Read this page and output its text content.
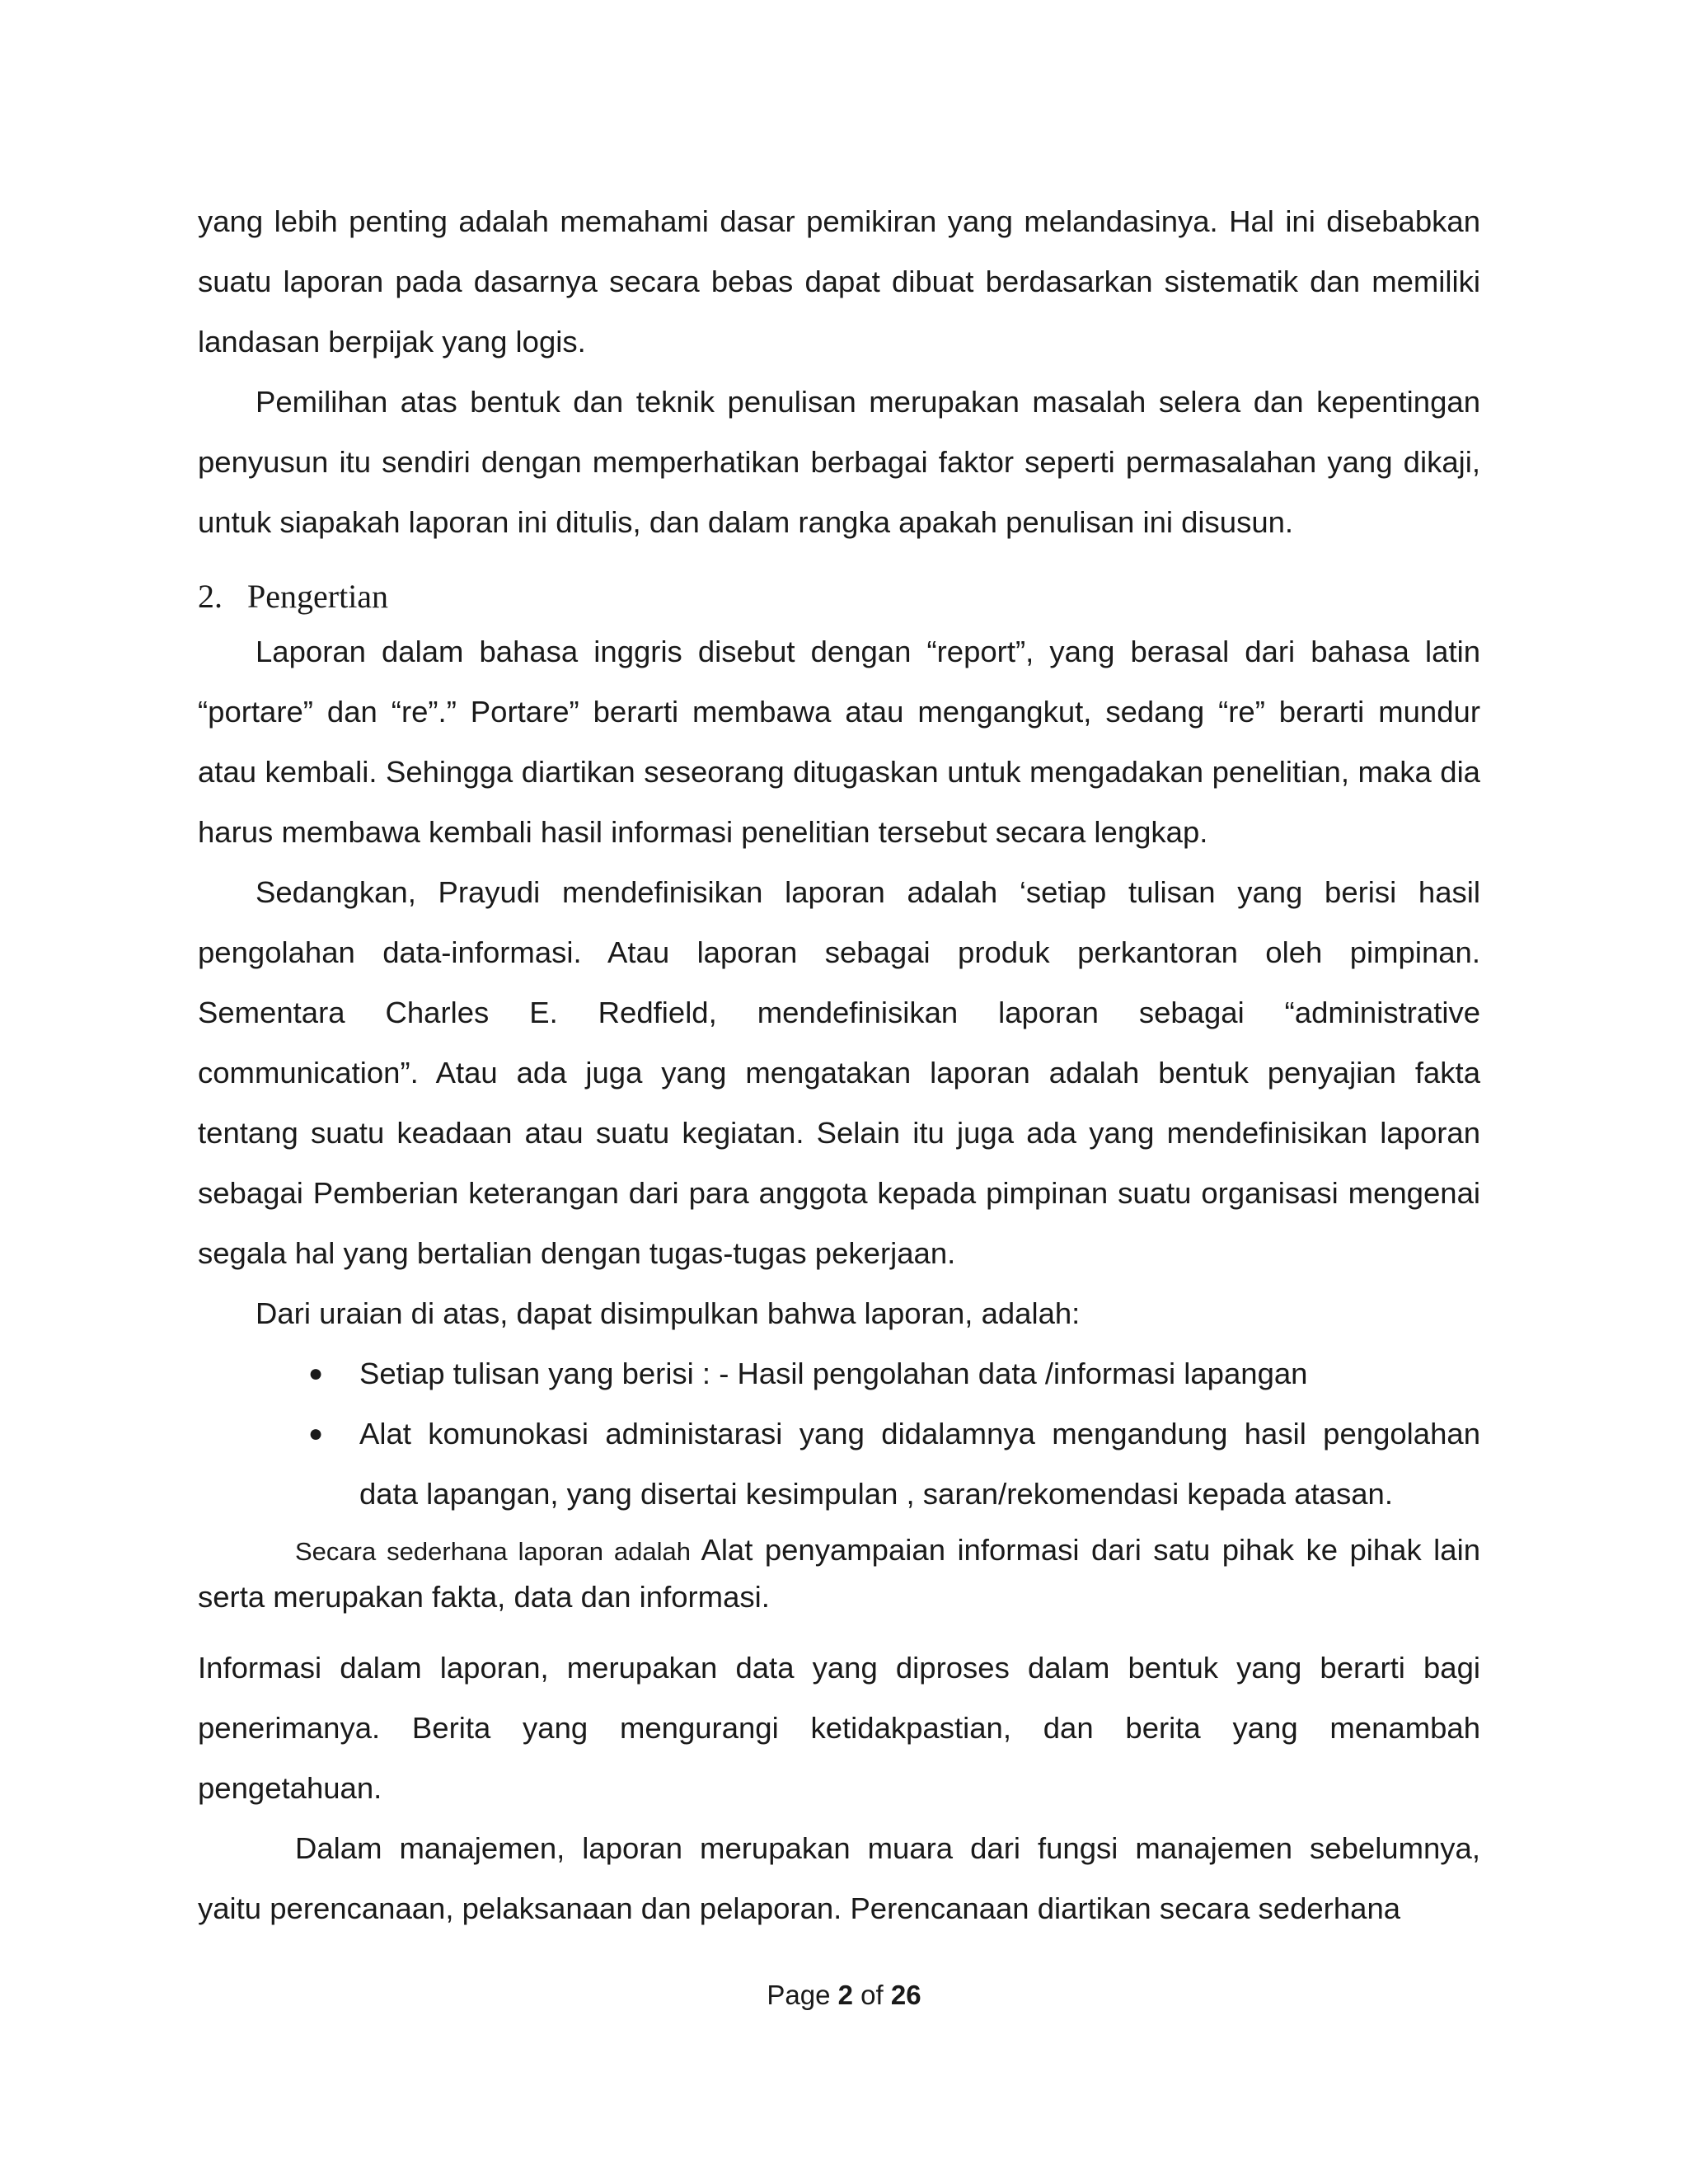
yang lebih penting adalah memahami dasar pemikiran yang melandasinya. Hal ini disebabkan suatu laporan pada dasarnya secara bebas dapat dibuat berdasarkan sistematik dan memiliki landasan berpijak yang logis.

Pemilihan atas bentuk dan teknik penulisan merupakan masalah selera dan kepentingan penyusun itu sendiri dengan memperhatikan berbagai faktor seperti permasalahan yang dikaji, untuk siapakah laporan ini ditulis, dan dalam rangka apakah penulisan ini disusun.

2. Pengertian

Laporan dalam bahasa inggris disebut dengan “report”, yang berasal dari bahasa latin “portare” dan “re”.” Portare” berarti membawa atau mengangkut, sedang “re” berarti mundur atau kembali. Sehingga diartikan seseorang ditugaskan untuk mengadakan penelitian, maka dia harus membawa kembali hasil informasi penelitian tersebut secara lengkap.

Sedangkan, Prayudi mendefinisikan laporan adalah ‘setiap tulisan yang berisi hasil pengolahan data-informasi. Atau laporan sebagai produk perkantoran oleh pimpinan. Sementara Charles E. Redfield, mendefinisikan laporan sebagai “administrative communication”. Atau ada juga yang mengatakan laporan adalah bentuk penyajian fakta tentang suatu keadaan atau suatu kegiatan. Selain itu juga ada yang mendefinisikan laporan sebagai Pemberian keterangan dari para anggota kepada pimpinan suatu organisasi mengenai segala hal yang bertalian dengan tugas-tugas pekerjaan.

Dari uraian di atas, dapat disimpulkan bahwa laporan, adalah:

●	Setiap tulisan yang berisi : - Hasil pengolahan data /informasi lapangan
●	Alat komunokasi administarasi yang didalamnya mengandung hasil pengolahan data lapangan, yang disertai kesimpulan , saran/rekomendasi kepada atasan.

Secara sederhana laporan adalah Alat penyampaian informasi dari satu pihak ke pihak lain serta merupakan fakta, data dan informasi.

Informasi dalam laporan, merupakan data yang diproses dalam bentuk yang berarti bagi penerimanya. Berita yang mengurangi ketidakpastian, dan berita yang menambah pengetahuan.

Dalam manajemen, laporan merupakan muara dari fungsi manajemen sebelumnya, yaitu perencanaan, pelaksanaan dan pelaporan. Perencanaan diartikan secara sederhana

Page 2 of 26
